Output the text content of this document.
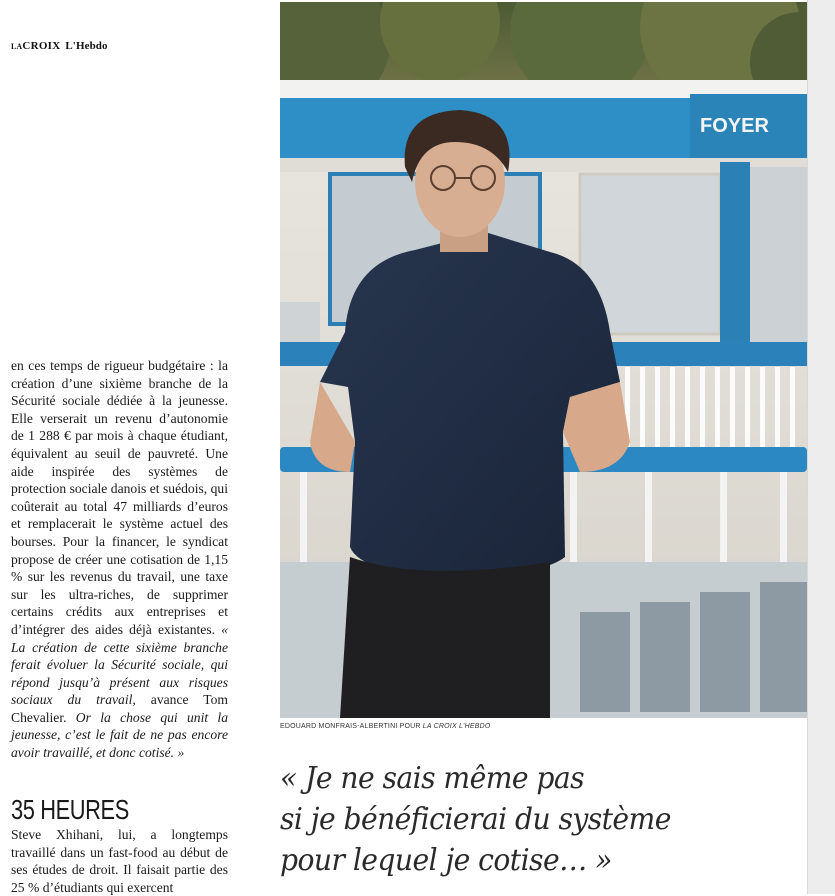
LACROIX L'Hebdo

en ces temps de rigueur budgétaire : la création d’une sixième branche de la Sécurité sociale dédiée à la jeunesse. Elle verserait un revenu d’autonomie de 1 288 € par mois à chaque étudiant, équivalent au seuil de pauvreté. Une aide inspirée des systèmes de protection sociale danois et suédois, qui coûterait au total 47 milliards d’euros et remplacerait le système actuel des bourses. Pour la financer, le syndicat propose de créer une cotisation de 1,15 % sur les revenus du travail, une taxe sur les ultra-riches, de supprimer certains crédits aux entreprises et d’intégrer des aides déjà existantes. « La création de cette sixième branche ferait évoluer la Sécurité sociale, qui répond jusqu’à présent aux risques sociaux du travail, avance Tom Chevalier. Or la chose qui unit la jeunesse, c’est le fait de ne pas encore avoir travaillé, et donc cotisé. »

35 HEURES

Steve Xhihani, lui, a longtemps travaillé dans un fast-food au début de ses études de droit. Il faisait partie des 25 % d’étudiants qui exercent

FOYER
EDOUARD MONFRAIS-ALBERTINI POUR LA CROIX L'HEBDO
« Je ne sais même pas
si je bénéficierai du système
pour lequel je cotise… »
